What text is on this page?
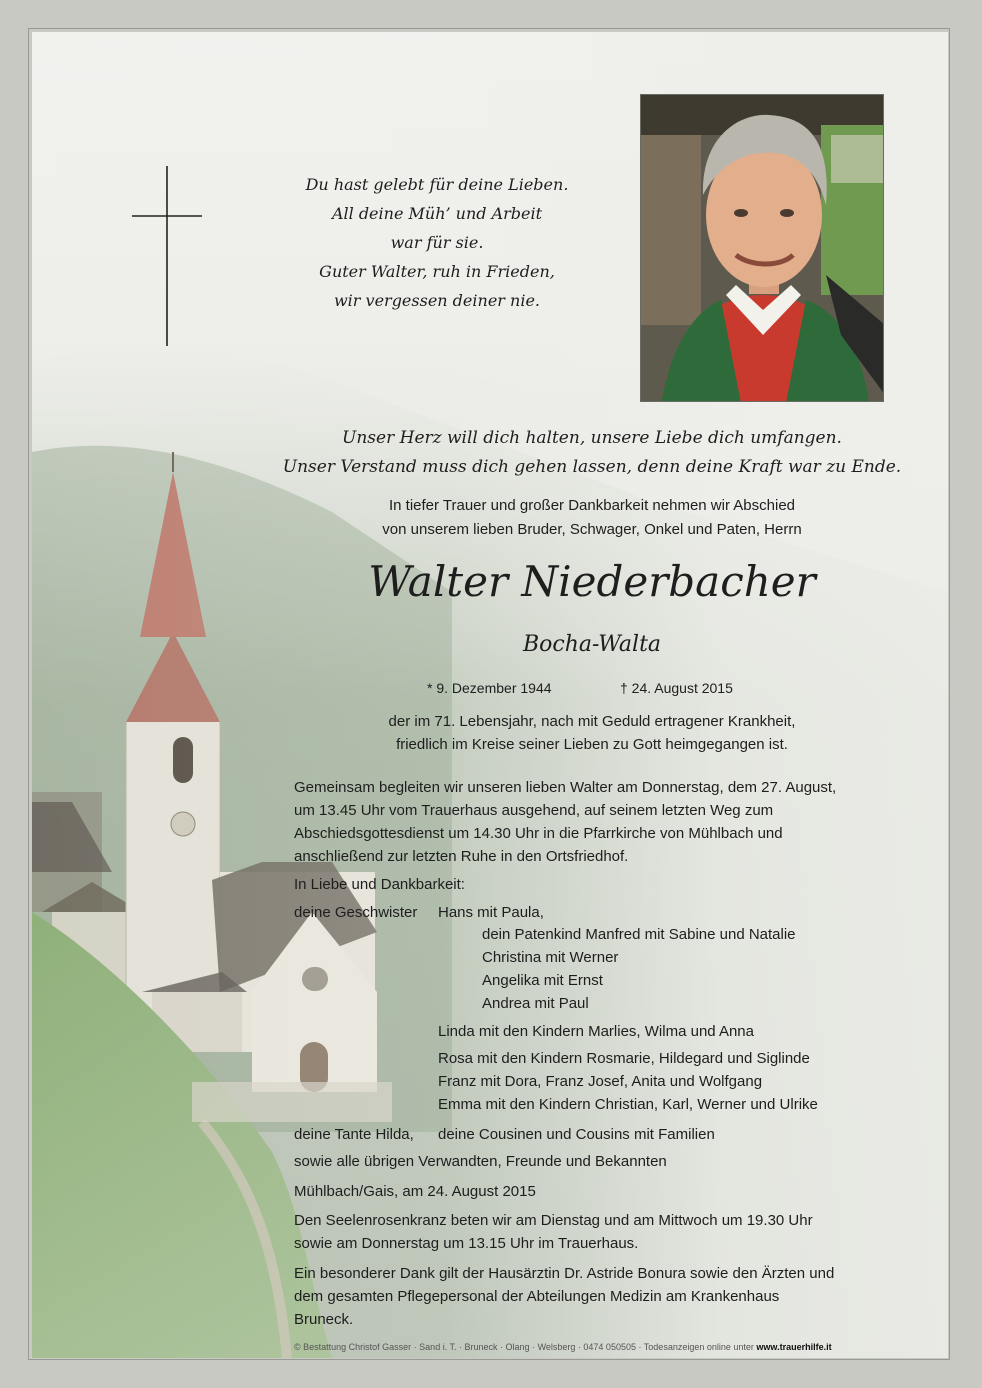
Du hast gelebt für deine Lieben.
All deine Müh’ und Arbeit
war für sie.
Guter Walter, ruh in Frieden,
wir vergessen deiner nie.
Unser Herz will dich halten, unsere Liebe dich umfangen.
Unser Verstand muss dich gehen lassen, denn deine Kraft war zu Ende.
In tiefer Trauer und großer Dankbarkeit nehmen wir Abschied
von unserem lieben Bruder, Schwager, Onkel und Paten, Herrn
Walter Niederbacher
Bocha-Walta
* 9. Dezember 1944	† 24. August 2015
der im 71. Lebensjahr, nach mit Geduld ertragener Krankheit,
friedlich im Kreise seiner Lieben zu Gott heimgegangen ist.
Gemeinsam begleiten wir unseren lieben Walter am Donnerstag, dem 27. August,
um 13.45 Uhr vom Trauerhaus ausgehend, auf seinem letzten Weg zum
Abschiedsgottesdienst um 14.30 Uhr in die Pfarrkirche von Mühlbach und
anschließend zur letzten Ruhe in den Ortsfriedhof.
In Liebe und Dankbarkeit:
deine Geschwister Hans mit Paula,
dein Patenkind Manfred mit Sabine und Natalie
Christina mit Werner
Angelika mit Ernst
Andrea mit Paul
Linda mit den Kindern Marlies, Wilma und Anna
Rosa mit den Kindern Rosmarie, Hildegard und Siglinde
Franz mit Dora, Franz Josef, Anita und Wolfgang
Emma mit den Kindern Christian, Karl, Werner und Ulrike
deine Tante Hilda, deine Cousinen und Cousins mit Familien
sowie alle übrigen Verwandten, Freunde und Bekannten
Mühlbach/Gais, am 24. August 2015
Den Seelenrosenkranz beten wir am Dienstag und am Mittwoch um 19.30 Uhr
sowie am Donnerstag um 13.15 Uhr im Trauerhaus.
Ein besonderer Dank gilt der Hausärztin Dr. Astride Bonura sowie den Ärzten und
dem gesamten Pflegepersonal der Abteilungen Medizin am Krankenhaus
Bruneck.
© Bestattung Christof Gasser · Sand i. T. · Bruneck · Olang · Welsberg · 0474 050505 · Todesanzeigen online unter www.trauerhilfe.it
